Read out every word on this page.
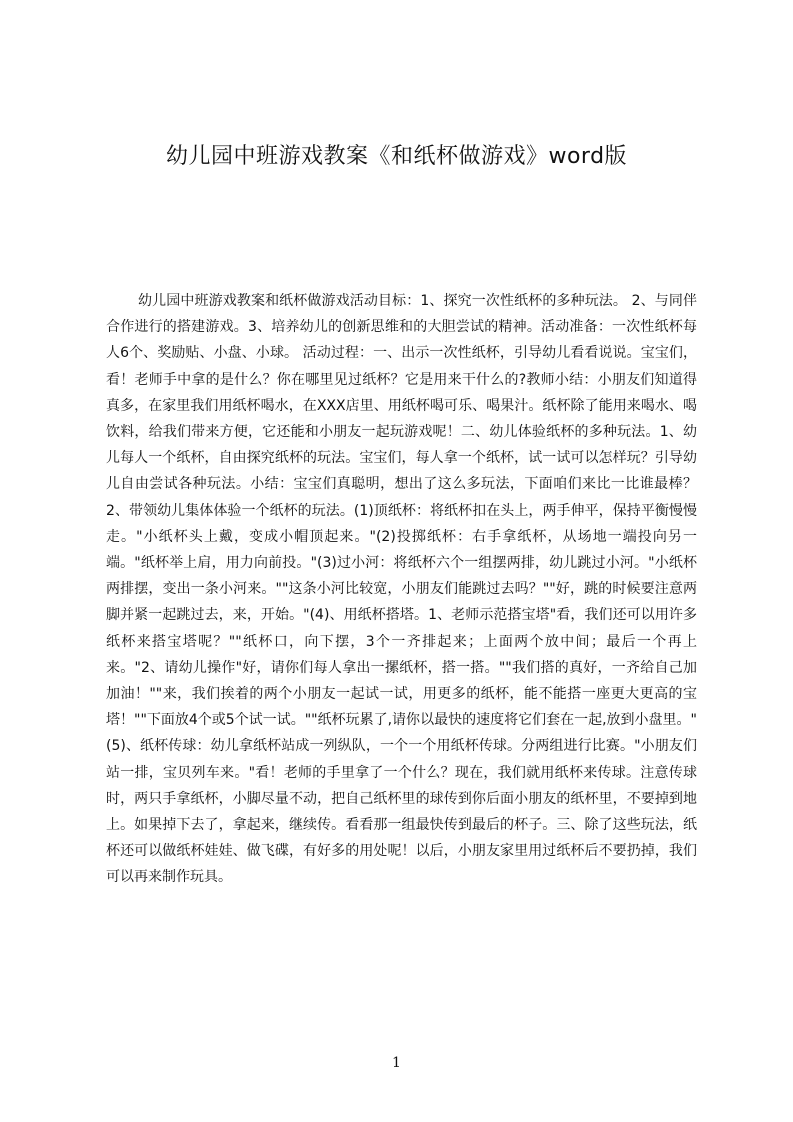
幼儿园中班游戏教案《和纸杯做游戏》word版

幼儿园中班游戏教案和纸杯做游戏活动目标：1、探究一次性纸杯的多种玩法。 2、与同伴合作进行的搭建游戏。3、培养幼儿的创新思维和的大胆尝试的精神。活动准备：一次性纸杯每人6个、奖励贴、小盘、小球。 活动过程：一、出示一次性纸杯，引导幼儿看看说说。宝宝们，看！老师手中拿的是什么？你在哪里见过纸杯？它是用来干什么的?教师小结：小朋友们知道得真多，在家里我们用纸杯喝水，在XXX店里、用纸杯喝可乐、喝果汁。纸杯除了能用来喝水、喝饮料，给我们带来方便，它还能和小朋友一起玩游戏呢！二、幼儿体验纸杯的多种玩法。1、幼儿每人一个纸杯，自由探究纸杯的玩法。宝宝们，每人拿一个纸杯，试一试可以怎样玩？引导幼儿自由尝试各种玩法。小结：宝宝们真聪明，想出了这么多玩法，下面咱们来比一比谁最棒？2、带领幼儿集体体验一个纸杯的玩法。(1)顶纸杯：将纸杯扣在头上，两手伸平，保持平衡慢慢走。"小纸杯头上戴，变成小帽顶起来。"(2)投掷纸杯：右手拿纸杯，从场地一端投向另一端。"纸杯举上肩，用力向前投。"(3)过小河：将纸杯六个一组摆两排，幼儿跳过小河。"小纸杯两排摆，变出一条小河来。""这条小河比较宽，小朋友们能跳过去吗？""好，跳的时候要注意两脚并紧一起跳过去，来，开始。"(4)、用纸杯搭塔。1、老师示范搭宝塔"看，我们还可以用许多纸杯来搭宝塔呢？""纸杯口，向下摆，3个一齐排起来；上面两个放中间；最后一个再上来。"2、请幼儿操作"好，请你们每人拿出一摞纸杯，搭一搭。""我们搭的真好，一齐给自己加加油！""来，我们挨着的两个小朋友一起试一试，用更多的纸杯，能不能搭一座更大更高的宝塔！""下面放4个或5个试一试。""纸杯玩累了,请你以最快的速度将它们套在一起,放到小盘里。" (5)、纸杯传球：幼儿拿纸杯站成一列纵队，一个一个用纸杯传球。分两组进行比赛。"小朋友们站一排，宝贝列车来。"看！老师的手里拿了一个什么？现在，我们就用纸杯来传球。注意传球时，两只手拿纸杯，小脚尽量不动，把自己纸杯里的球传到你后面小朋友的纸杯里，不要掉到地上。如果掉下去了，拿起来，继续传。看看那一组最快传到最后的杯子。三、除了这些玩法，纸杯还可以做纸杯娃娃、做飞碟，有好多的用处呢！以后，小朋友家里用过纸杯后不要扔掉，我们可以再来制作玩具。

1
